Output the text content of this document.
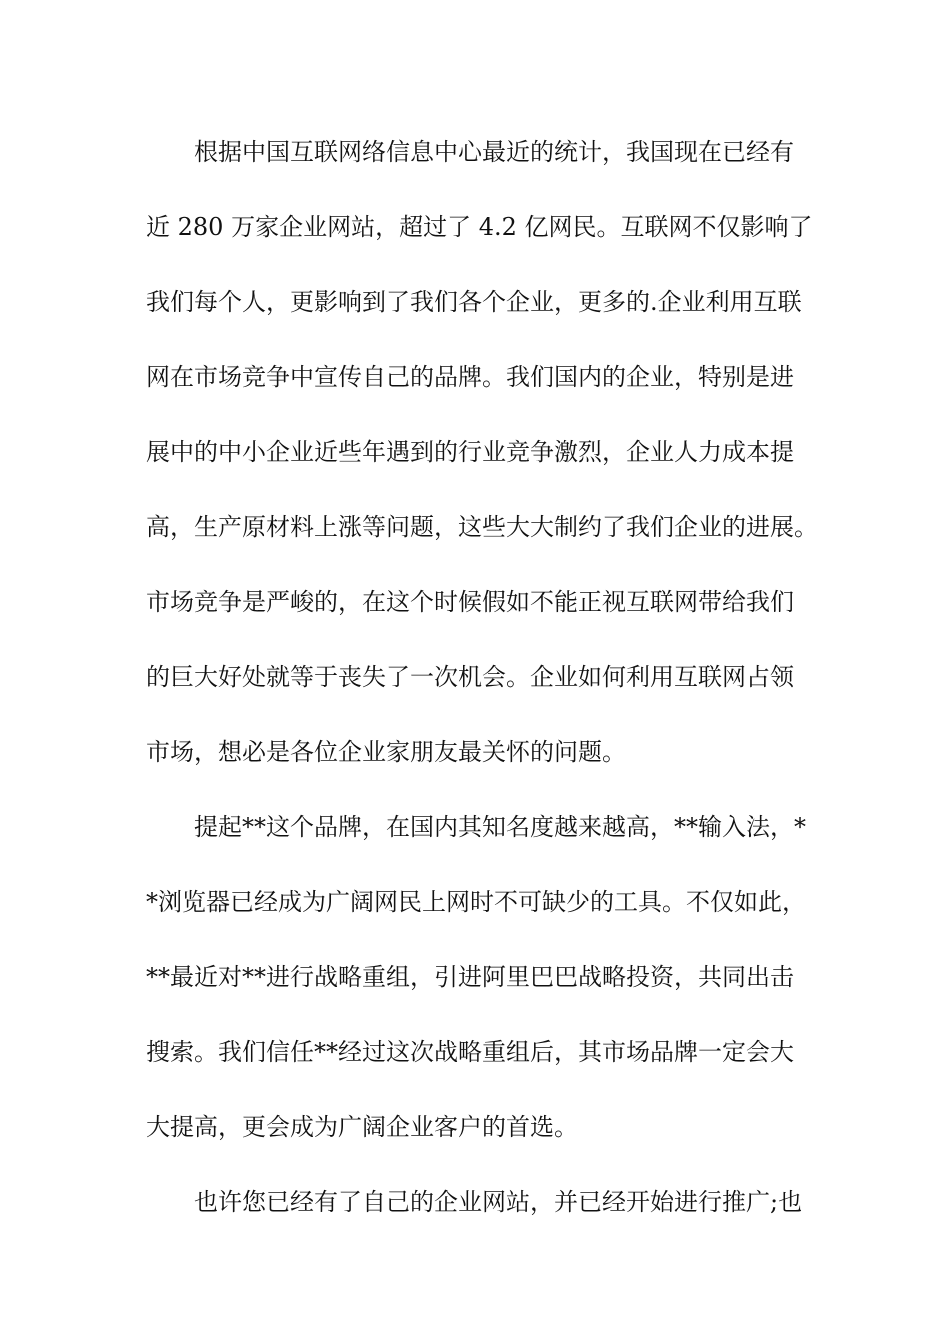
根据中国互联网络信息中心最近的统计，我国现在已经有
近 280 万家企业网站，超过了 4.2 亿网民。互联网不仅影响了
我们每个人，更影响到了我们各个企业，更多的.企业利用互联
网在市场竞争中宣传自己的品牌。我们国内的企业，特别是进
展中的中小企业近些年遇到的行业竞争激烈，企业人力成本提
高，生产原材料上涨等问题，这些大大制约了我们企业的进展。
市场竞争是严峻的，在这个时候假如不能正视互联网带给我们
的巨大好处就等于丧失了一次机会。企业如何利用互联网占领
市场，想必是各位企业家朋友最关怀的问题。
提起**这个品牌，在国内其知名度越来越高，**输入法，*
*浏览器已经成为广阔网民上网时不可缺少的工具。不仅如此，
**最近对**进行战略重组，引进阿里巴巴战略投资，共同出击
搜索。我们信任**经过这次战略重组后，其市场品牌一定会大
大提高，更会成为广阔企业客户的首选。
也许您已经有了自己的企业网站，并已经开始进行推广;也
